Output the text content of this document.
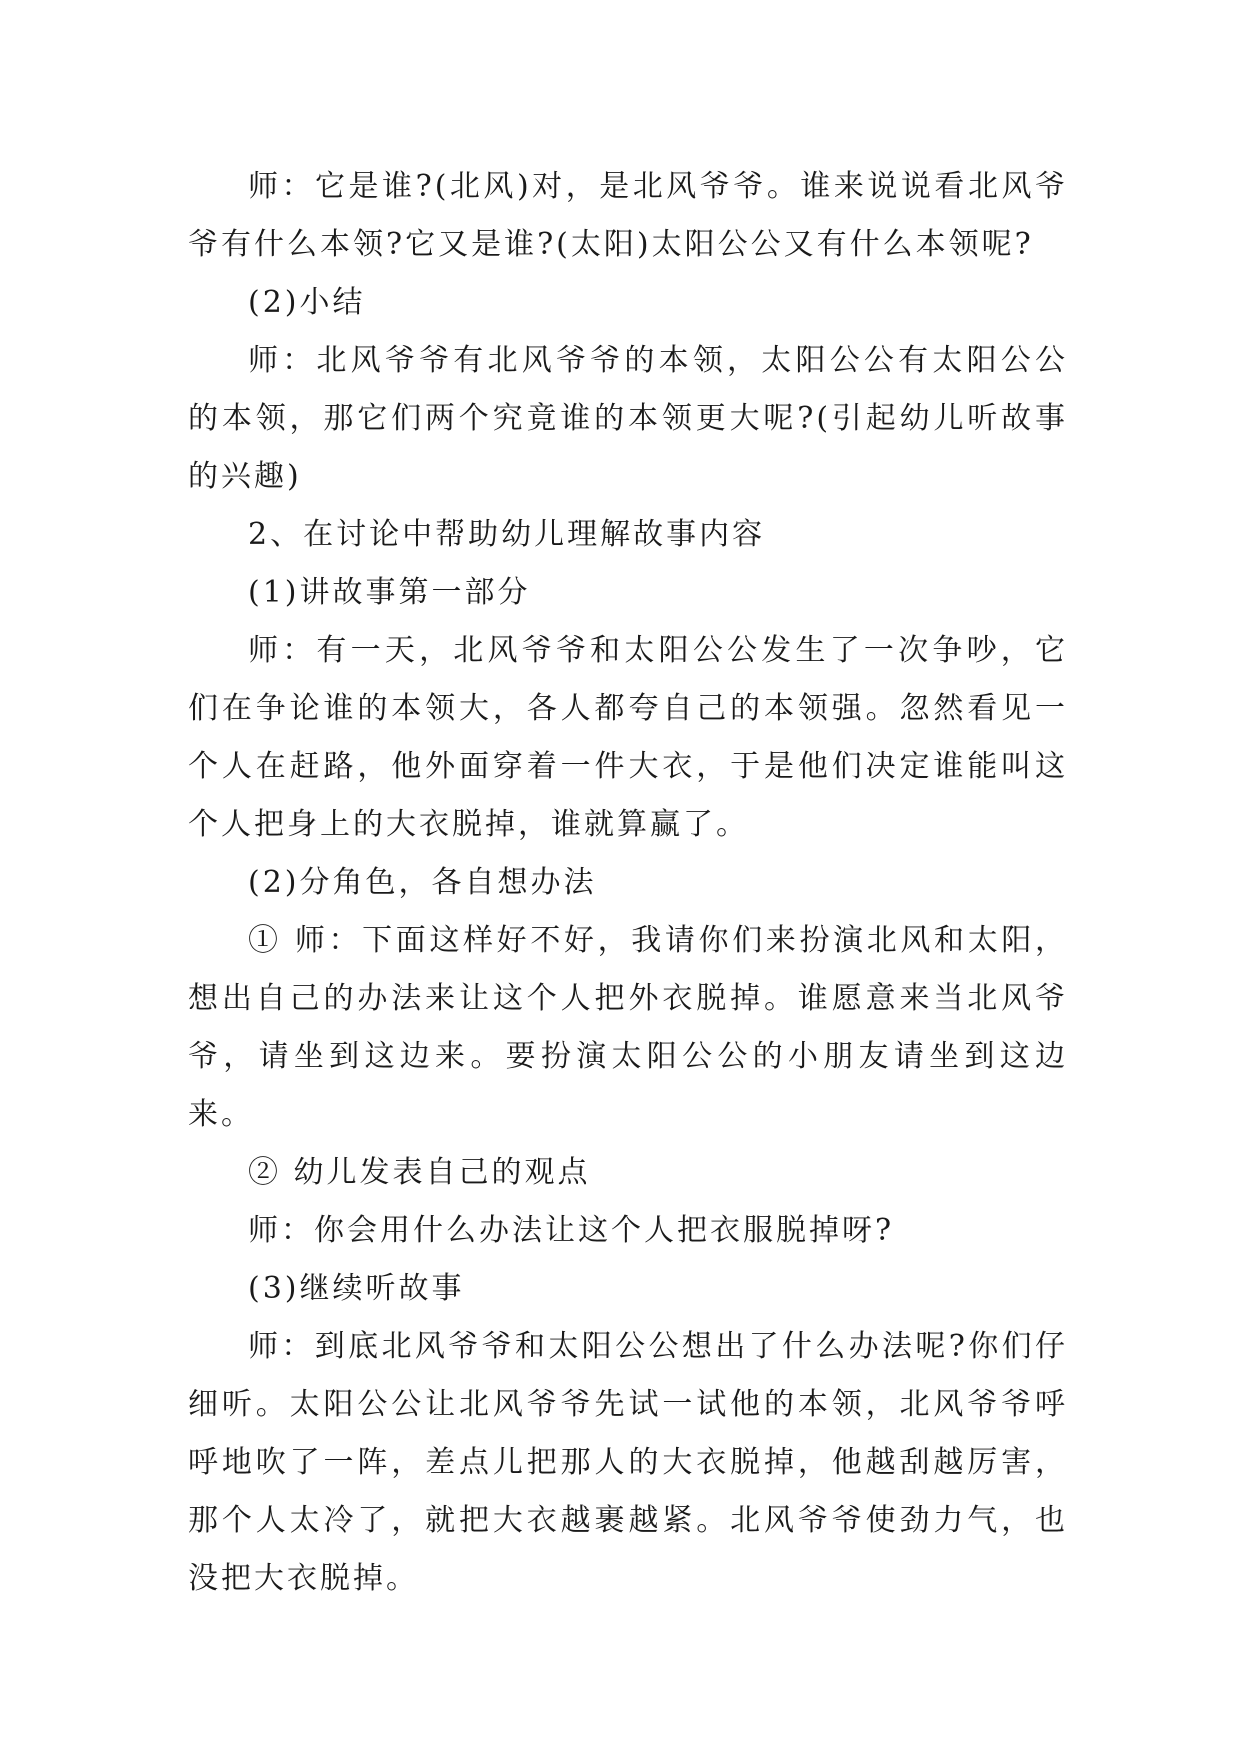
师：它是谁?(北风)对，是北风爷爷。谁来说说看北风爷爷有什么本领?它又是谁?(太阳)太阳公公又有什么本领呢?

(2)小结

师：北风爷爷有北风爷爷的本领，太阳公公有太阳公公的本领，那它们两个究竟谁的本领更大呢?(引起幼儿听故事的兴趣)

2、在讨论中帮助幼儿理解故事内容

(1)讲故事第一部分

师：有一天，北风爷爷和太阳公公发生了一次争吵，它们在争论谁的本领大，各人都夸自己的本领强。忽然看见一个人在赶路，他外面穿着一件大衣，于是他们决定谁能叫这个人把身上的大衣脱掉，谁就算赢了。

(2)分角色，各自想办法

① 师：下面这样好不好，我请你们来扮演北风和太阳，想出自己的办法来让这个人把外衣脱掉。谁愿意来当北风爷爷，请坐到这边来。要扮演太阳公公的小朋友请坐到这边来。

② 幼儿发表自己的观点

师：你会用什么办法让这个人把衣服脱掉呀?

(3)继续听故事

师：到底北风爷爷和太阳公公想出了什么办法呢?你们仔细听。太阳公公让北风爷爷先试一试他的本领，北风爷爷呼呼地吹了一阵，差点儿把那人的大衣脱掉，他越刮越厉害，那个人太冷了，就把大衣越裹越紧。北风爷爷使劲力气，也没把大衣脱掉。
